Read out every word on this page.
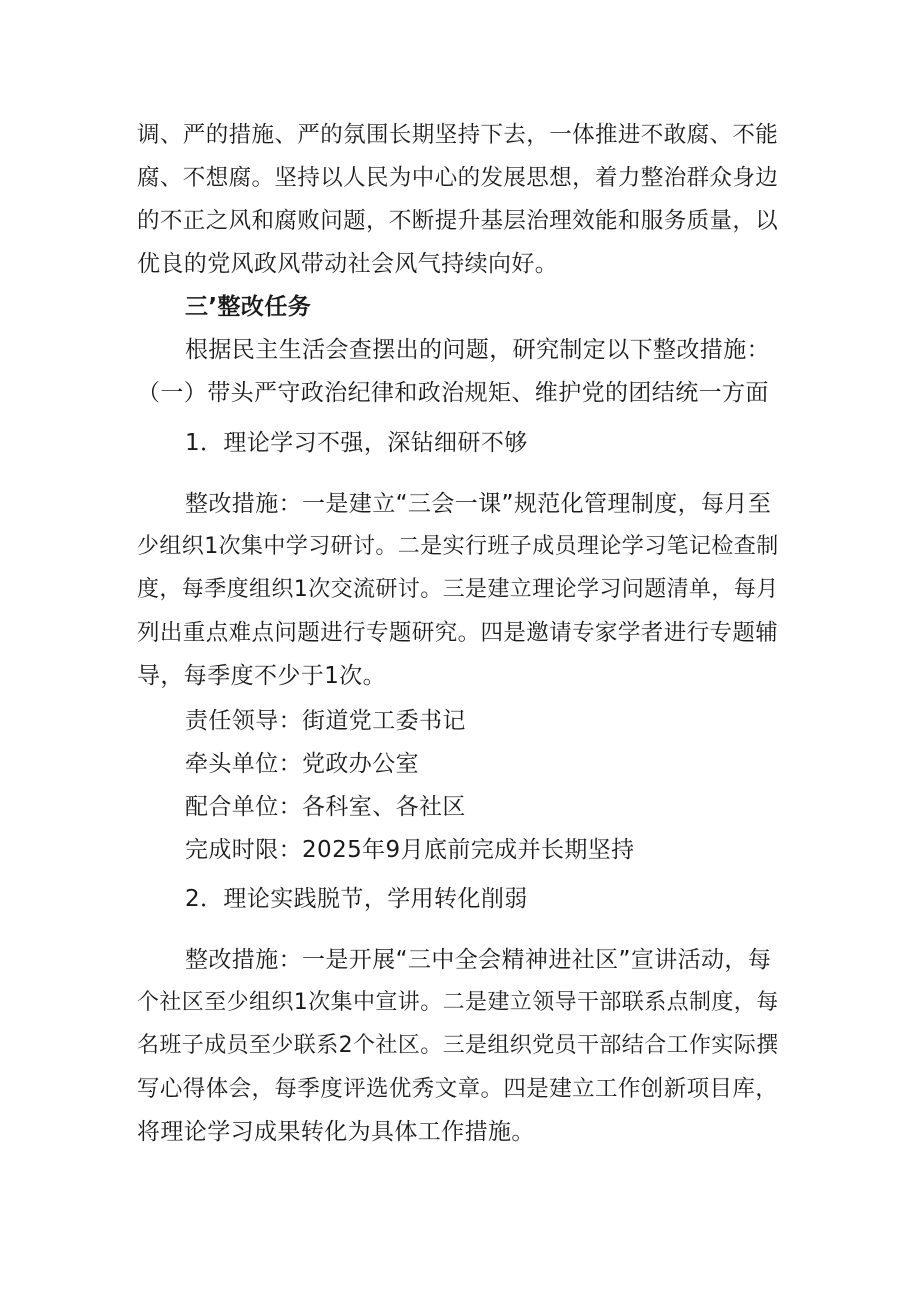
调、严的措施、严的氛围长期坚持下去，一体推进不敢腐、不能
腐、不想腐。坚持以人民为中心的发展思想，着力整治群众身边
的不正之风和腐败问题，不断提升基层治理效能和服务质量，以
优良的党风政风带动社会风气持续向好。
三’整改任务
根据民主生活会查摆出的问题，研究制定以下整改措施：
（一）带头严守政治纪律和政治规矩、维护党的团结统一方面
1．理论学习不强，深钻细研不够
整改措施：一是建立“三会一课”规范化管理制度，每月至
少组织1次集中学习研讨。二是实行班子成员理论学习笔记检查制
度，每季度组织1次交流研讨。三是建立理论学习问题清单，每月
列出重点难点问题进行专题研究。四是邀请专家学者进行专题辅
导，每季度不少于1次。
责任领导：街道党工委书记
牵头单位：党政办公室
配合单位：各科室、各社区
完成时限：2025年9月底前完成并长期坚持
2．理论实践脱节，学用转化削弱
整改措施：一是开展“三中全会精神进社区”宣讲活动，每
个社区至少组织1次集中宣讲。二是建立领导干部联系点制度，每
名班子成员至少联系2个社区。三是组织党员干部结合工作实际撰
写心得体会，每季度评选优秀文章。四是建立工作创新项目库，
将理论学习成果转化为具体工作措施。
